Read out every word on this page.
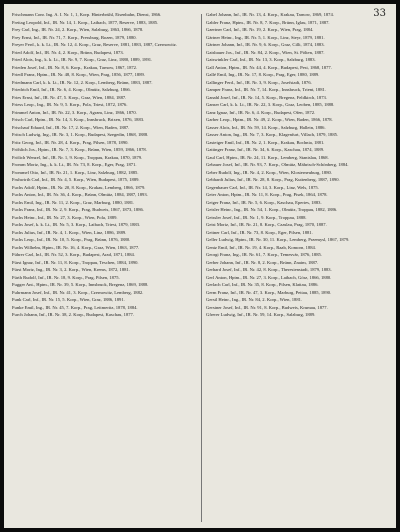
33
Frischmann Conr. Ing. A. I. Nr. 1, 1, Korp. Hinterbrühl, Eisenbahn, Dienst, 1866.
Freitag Leopold, Inf., IR. Nr. 14, 1. Korp., Laibach, 1877, Reserve, 1883, 1885.
Frey Carl, Ing., IR. Nr. 24, 2. Korp., Wien, Salzburg, 1863, 1866, 1878.
Frey Ernst, Inf., IR. Nr. 71, 7. Korp., Pressburg, Bozen, 1879, 1880.
Freyer Ferd., k. k. Lt., IR. Nr. 12, 4. Korp., Graz, Reserve, 1881, 1883, 1887, Czernowitz.
Fried Adolf, Inf., IR. Nr. 4, 2. Korp., Brünn, Budapest, 1873.
Fried Alois, Ing., k. k. Lt., IR. Nr. 9, 7. Korp., Graz, Linz, 1880, 1889, 1891.
Frieden Josef, Inf., IR. Nr. 8, 6. Korp., Krakau, Tarnow, 1867, 1872.
Friedl Franz, Hptm., IR. Nr. 48, 8. Korp., Wien, Prag, 1856, 1877, 1889.
Friedmann Carl, k. k. Lt., IR. Nr. 12, 2. Korp., Lemberg, Brünn, 1883, 1887.
Friedrich Emil, Inf., IR. Nr. 6, 4. Korp., Olmütz, Salzburg, 1866.
Fries Ernst, Inf., IR. Nr. 47, 5. Korp., Graz, Wien, 1884, 1887.
Friess Leop., Ing., IR. Nr. 9, 5. Korp., Pola, Triest, 1872, 1876.
Frimmel Anton, Inf., IR. Nr. 22, 3. Korp., Agram, Linz, 1866, 1870.
Frisch Carl, Hptm., IR. Nr. 14, 3. Korp., Innsbruck, Brixen, 1876, 1883.
Frischauf Eduard, Inf., IR. Nr. 17, 2. Korp., Wien, Baden, 1887.
Fritsch Ludwig, Ing., IR. Nr. 3, 1. Korp., Budapest, Szegedin, 1868, 1888.
Fritz Georg, Inf., IR. Nr. 28, 4. Korp., Prag, Pilsen, 1878, 1890.
Fröhlich Jos., Hptm., IR. Nr. 7, 3. Korp., Brünn, Wien, 1859, 1866, 1878.
Frölich Wenzel, Inf., IR. Nr. 1, 9. Korp., Troppau, Krakau, 1870, 1879.
Fromm Moriz, Ing., k. k. Lt., IR. Nr. 73, 8. Korp., Eger, Prag, 1871.
Frommel Otto, Inf., IR. Nr. 21, 1. Korp., Linz, Salzburg, 1882, 1885.
Fruhwirth Carl, Inf., IR. Nr. 4, 5. Korp., Wien, Budapest, 1875, 1889.
Fuchs Adolf, Hptm., IR. Nr. 20, 8. Korp., Krakau, Lemberg, 1866, 1879.
Fuchs Anton, Inf., IR. Nr. 36, 4. Korp., Brünn, Olmütz, 1884, 1887, 1893.
Fuchs Emil, Ing., IR. Nr. 11, 2. Korp., Graz, Marburg, 1880, 1881.
Fuchs Franz, Inf., IR. Nr. 2, 9. Korp., Prag, Budweis, 1867, 1873, 1886.
Fuchs Heinr., Inf., IR. Nr. 27, 3. Korp., Wien, Pola, 1889.
Fuchs Josef, k. k. Lt., IR. Nr. 5, 3. Korp., Laibach, Triest, 1879, 1883.
Fuchs Julius, Inf., IR. Nr. 4, 1. Korp., Wien, Linz, 1886, 1889.
Fuchs Leop., Inf., IR. Nr. 10, 5. Korp., Prag, Brünn, 1876, 1880.
Fuchs Wilhelm, Hptm., IR. Nr. 16, 4. Korp., Graz, Wien, 1863, 1877.
Führer Carl, Inf., IR. Nr. 52, 3. Korp., Budapest, Arad, 1871, 1884.
Fürst Ignaz, Inf., IR. Nr. 11, 8. Korp., Troppau, Teschen, 1884, 1890.
Fürst Moriz, Ing., IR. Nr. 3, 2. Korp., Wien, Krems, 1872, 1881.
Fürth Rudolf, Inf., IR. Nr. 18, 9. Korp., Prag, Pilsen, 1875.
Fugger Ant., Hptm., IR. Nr. 39, 5. Korp., Innsbruck, Bregenz, 1869, 1888.
Fuhrmann Josef, Inf., IR. Nr. 41, 3. Korp., Czernowitz, Lemberg, 1882.
Funk Carl, Inf., IR. Nr. 15, 5. Korp., Wien, Graz, 1886, 1891.
Funke Emil, Ing., IR. Nr. 45, 7. Korp., Prag, Leitmeritz, 1878, 1884.
Furch Johann, Inf., IR. Nr. 38, 2. Korp., Budapest, Kaschau, 1877.
Gabel Johann, Inf., IR. Nr. 13, 4. Korp., Krakau, Tarnow, 1869, 1874.
Gabler Franz, Hptm., IR. Nr. 8, 7. Korp., Brünn, Iglau, 1871, 1887.
Gaertner Carl, Inf., IR. Nr. 19, 2. Korp., Wien, Prag, 1884.
Gärtner Heinr., Ing., IR. Nr. 5, 1. Korp., Linz, Steyr, 1879, 1881.
Gärtner Johann, Inf., IR. Nr. 9, 6. Korp., Graz, Cilli, 1874, 1883.
Gaisbauer Jos., Inf., IR. Nr. 84, 2. Korp., Wien, St. Pölten, 1887.
Gaiswinkler Carl, Inf., IR. Nr. 13, 3. Korp., Salzburg, 1883.
Gall Anton, Hptm., IR. Nr. 44, 4. Korp., Budapest, Pest, 1868, 1877.
Gallé Emil, Ing., IR. Nr. 17, 8. Korp., Prag, Eger, 1880, 1889.
Gallinger Ferd., Inf., IR. Nr. 3, 9. Korp., Josefstadt, 1876.
Gamper Franz, Inf., IR. Nr. 7, 14. Korp., Innsbruck, Trient, 1881.
Ganahl Josef, Inf., IR. Nr. 14, 5. Korp., Bregenz, Feldkirch, 1873.
Ganser Carl, k. k. Lt., IR. Nr. 22, 3. Korp., Graz, Leoben, 1885, 1888.
Ganz Ignaz, Inf., IR. Nr. 6, 4. Korp., Budapest, Ofen, 1872.
Garber Leop., Hptm., IR. Nr. 49, 2. Korp., Wien, Baden, 1866, 1878.
Gasser Alois, Inf., IR. Nr. 59, 14. Korp., Salzburg, Hallein, 1886.
Gasser Anton, Ing., IR. Nr. 7, 3. Korp., Klagenfurt, Villach, 1879, 1885.
Gasteiger Emil, Inf., IR. Nr. 2, 1. Korp., Krakau, Bochnia, 1881.
Gattinger Franz, Inf., IR. Nr. 34, 6. Korp., Kaschau, 1874, 1889.
Gaul Carl, Hptm., IR. Nr. 24, 11. Korp., Lemberg, Stanislau, 1868.
Gebauer Josef, Inf., IR. Nr. 93, 7. Korp., Olmütz, Mährisch-Schönberg, 1884.
Geber Rudolf, Ing., IR. Nr. 4, 2. Korp., Wien, Klosterneuburg, 1880.
Gebhardt Julius, Inf., IR. Nr. 28, 8. Korp., Prag, Kuttenberg, 1887, 1890.
Gegenbauer Carl, Inf., IR. Nr. 14, 3. Korp., Linz, Wels, 1875.
Geier Anton, Hptm., IR. Nr. 11, 8. Korp., Prag, Pisek, 1864, 1878.
Geiger Franz, Inf., IR. Nr. 5, 6. Korp., Kaschau, Eperies, 1883.
Geisler Heinr., Ing., IR. Nr. 54, 1. Korp., Olmütz, Troppau, 1882, 1886.
Geissler Josef, Inf., IR. Nr. 1, 9. Korp., Troppau, 1888.
Geist Moriz, Inf., IR. Nr. 21, 8. Korp., Czaslau, Prag, 1870, 1887.
Geitner Carl, Inf., IR. Nr. 73, 8. Korp., Eger, Pilsen, 1881.
Geller Ludwig, Hptm., IR. Nr. 30, 11. Korp., Lemberg, Przemysl, 1867, 1879.
Gentz Emil, Inf., IR. Nr. 19, 4. Korp., Raab, Komorn, 1884.
Georgi Franz, Ing., IR. Nr. 61, 7. Korp., Temesvár, 1876, 1885.
Gerber Johann, Inf., IR. Nr. 8, 2. Korp., Brünn, Znaim, 1887.
Gerhard Josef, Inf., IR. Nr. 42, 8. Korp., Theresienstadt, 1879, 1883.
Gerl Anton, Hptm., IR. Nr. 27, 3. Korp., Laibach, Görz, 1866, 1880.
Gerlach Carl, Inf., IR. Nr. 35, 8. Korp., Pilsen, Klattau, 1886.
Germ Franz, Inf., IR. Nr. 47, 3. Korp., Marburg, Pettau, 1885, 1890.
Gerstl Heinr., Ing., IR. Nr. 84, 2. Korp., Wien, 1881.
Gerstner Josef, Inf., IR. Nr. 91, 8. Korp., Budweis, Krumau, 1877.
Gfrerer Ludwig, Inf., IR. Nr. 59, 14. Korp., Salzburg, 1889.
